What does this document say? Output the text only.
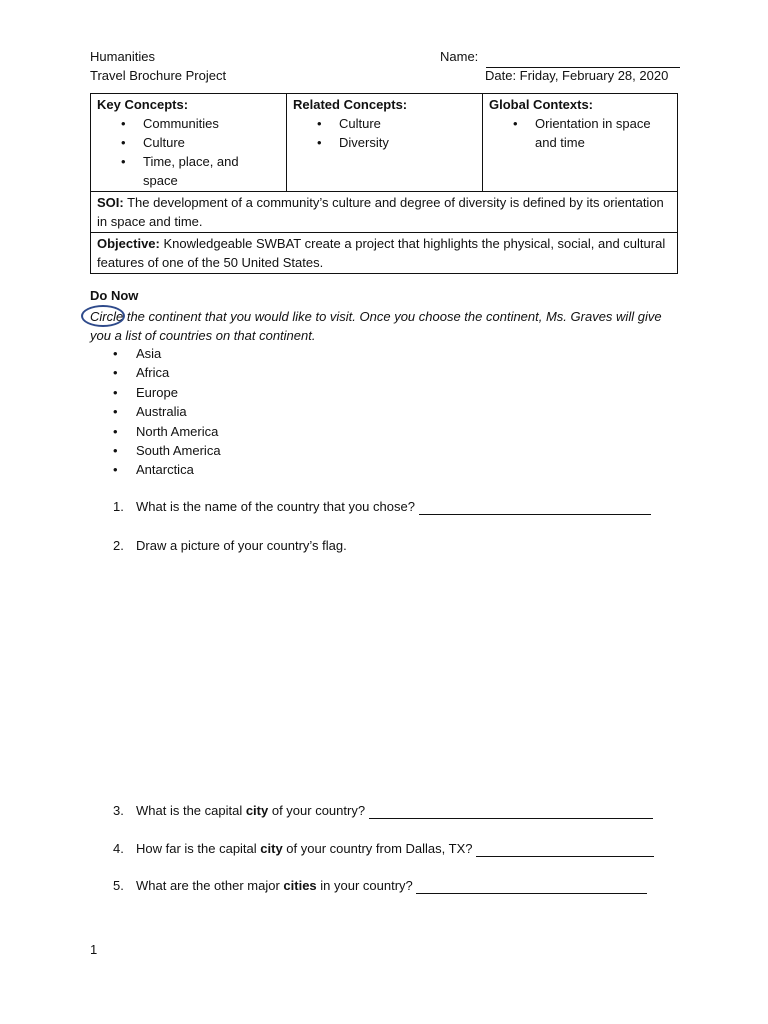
Humanities
Travel Brochure Project
Name:
Date: Friday, February 28, 2020
Key Concepts:
• Communities
• Culture
• Time, place, and space
	Related Concepts:
• Culture
• Diversity
	Global Contexts:
• Orientation in space and time

SOI: The development of a community’s culture and degree of diversity is defined by its orientation in space and time.
Objective: Knowledgeable SWBAT create a project that highlights the physical, social, and cultural features of one of the 50 United States.
Do Now
Circle the continent that you would like to visit. Once you choose the continent, Ms. Graves will give you a list of countries on that continent.
• Asia
• Africa
• Europe
• Australia
• North America
• South America
• Antarctica
1. What is the name of the country that you chose?
2. Draw a picture of your country’s flag.
3. What is the capital city of your country?
4. How far is the capital city of your country from Dallas, TX?
5. What are the other major cities in your country?
1
